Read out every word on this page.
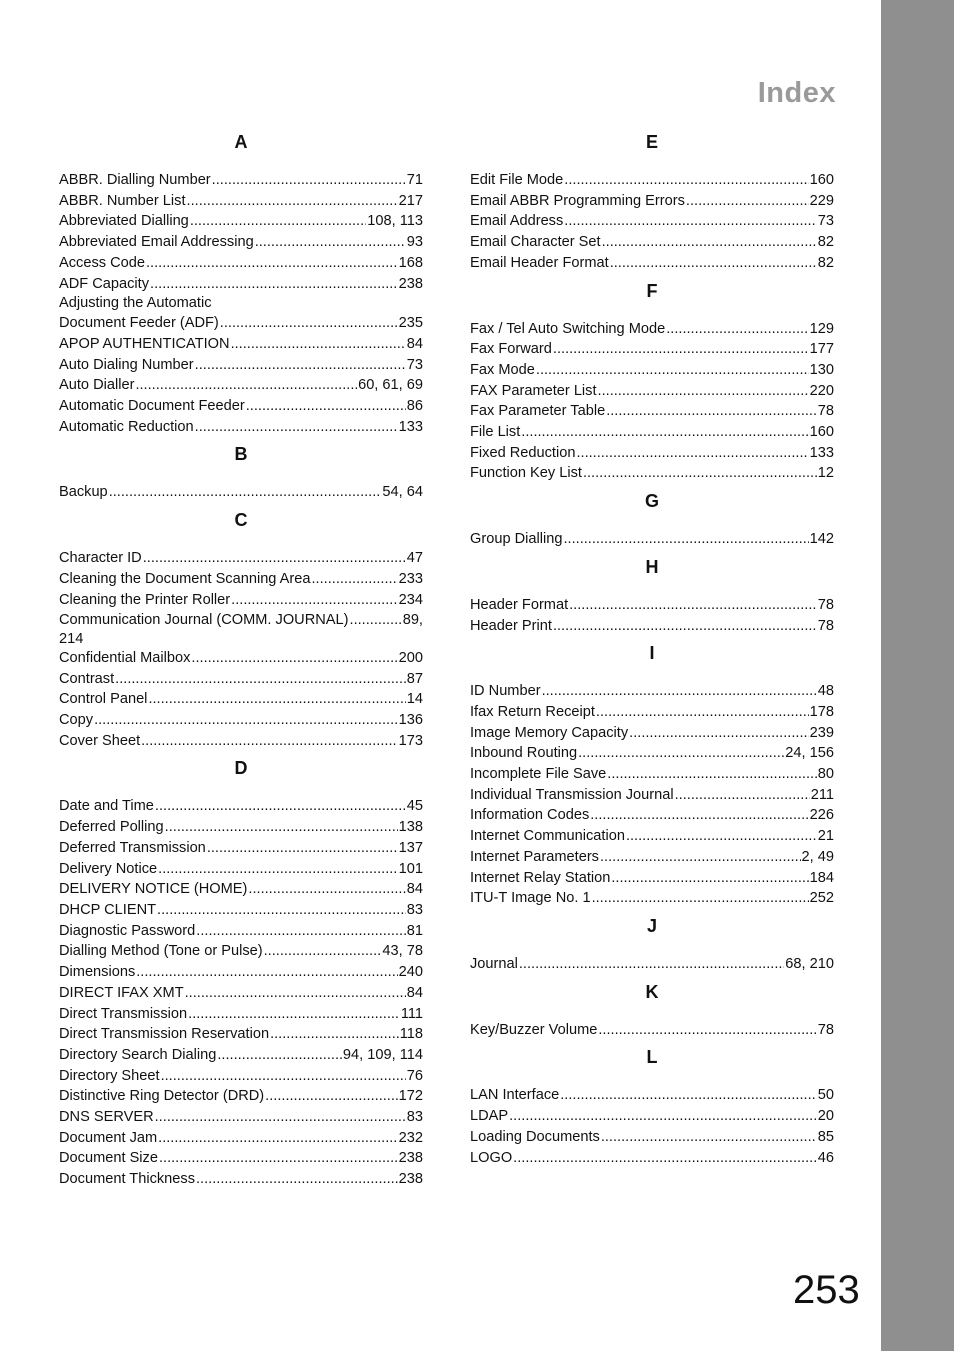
Index
A
ABBR. Dialling Number .....	71
ABBR. Number List .....	217
Abbreviated Dialling .....	108, 113
Abbreviated Email Addressing .....	93
Access Code .....	168
ADF Capacity .....	238
Adjusting the Automatic
Document Feeder (ADF) .....	235
APOP AUTHENTICATION .....	84
Auto Dialing Number .....	73
Auto Dialler .....	60, 61, 69
Automatic Document Feeder .....	86
Automatic Reduction .....	133
B
Backup .....	54, 64
C
Character ID .....	47
Cleaning the Document Scanning Area .....	233
Cleaning the Printer Roller .....	234
Communication Journal (COMM. JOURNAL) .....	89,
214
Confidential Mailbox .....	200
Contrast .....	87
Control Panel .....	14
Copy .....	136
Cover Sheet .....	173
D
Date and Time .....	45
Deferred Polling .....	138
Deferred Transmission .....	137
Delivery Notice .....	101
DELIVERY NOTICE (HOME) .....	84
DHCP CLIENT .....	83
Diagnostic Password .....	81
Dialling Method (Tone or Pulse) .....	43, 78
Dimensions .....	240
DIRECT IFAX XMT .....	84
Direct Transmission .....	111
Direct Transmission Reservation .....	118
Directory Search Dialing .....	94, 109, 114
Directory Sheet .....	76
Distinctive Ring Detector (DRD) .....	172
DNS SERVER .....	83
Document Jam .....	232
Document Size .....	238
Document Thickness .....	238
E
Edit File Mode .....	160
Email ABBR Programming Errors .....	229
Email Address .....	73
Email Character Set .....	82
Email Header Format .....	82
F
Fax / Tel Auto Switching Mode .....	129
Fax Forward .....	177
Fax Mode .....	130
FAX Parameter List .....	220
Fax Parameter Table .....	78
File List .....	160
Fixed Reduction .....	133
Function Key List .....	12
G
Group Dialling .....	142
H
Header Format .....	78
Header Print .....	78
I
ID Number .....	48
Ifax Return Receipt .....	178
Image Memory Capacity .....	239
Inbound Routing .....	24, 156
Incomplete File Save .....	80
Individual Transmission Journal .....	211
Information Codes .....	226
Internet Communication .....	21
Internet Parameters .....	2, 49
Internet Relay Station .....	184
ITU-T Image No. 1 .....	252
J
Journal .....	68, 210
K
Key/Buzzer Volume .....	78
L
LAN Interface .....	50
LDAP .....	20
Loading Documents .....	85
LOGO .....	46
253
